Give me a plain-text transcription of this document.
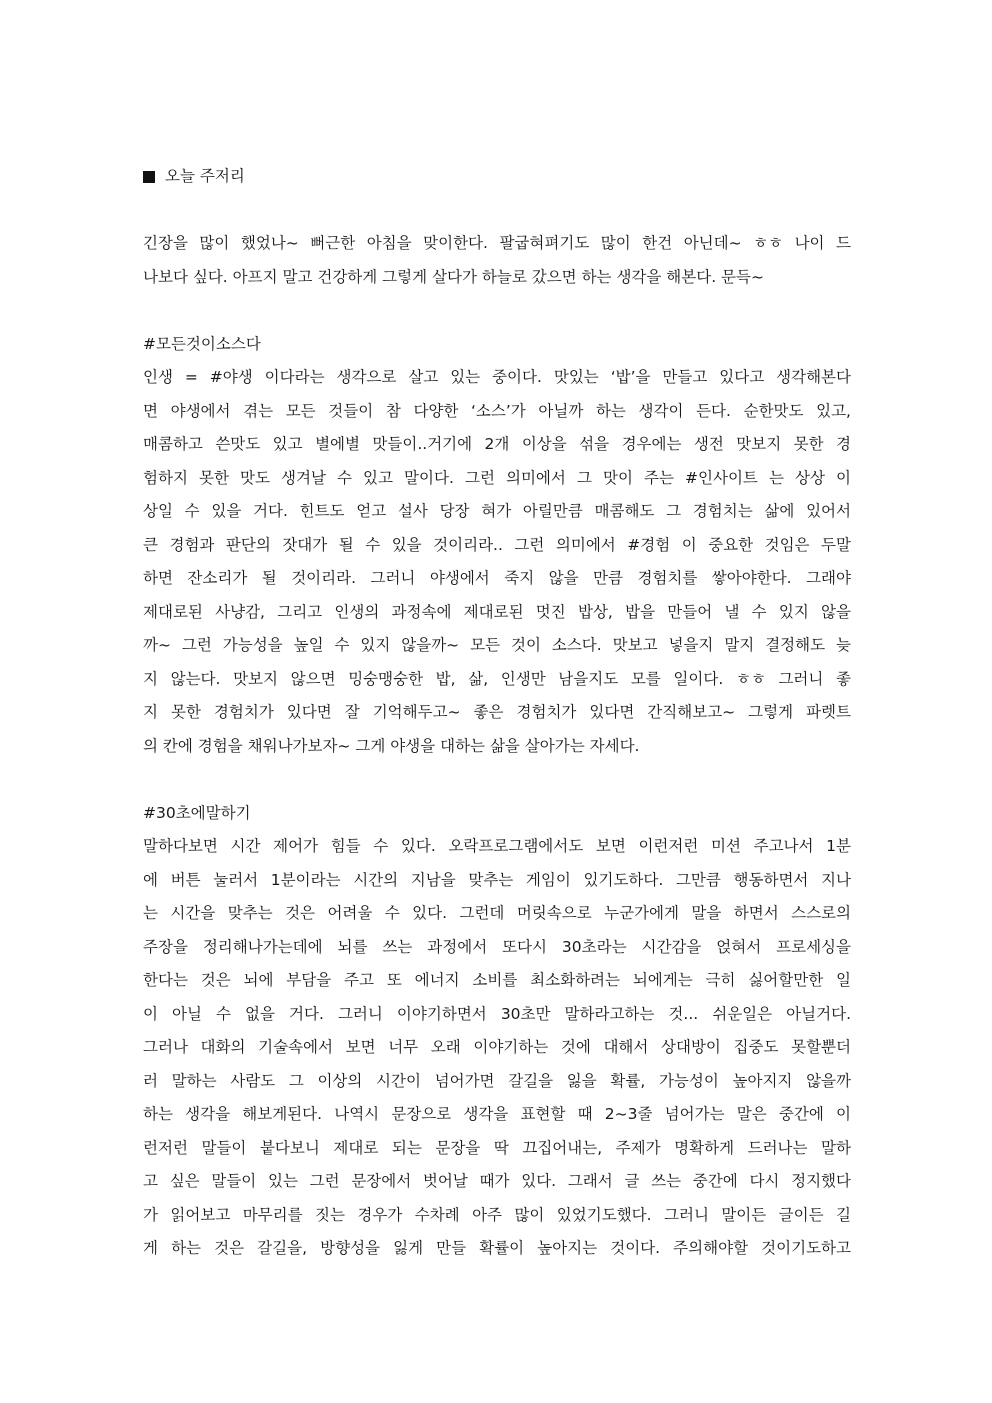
오늘 주저리
긴장을 많이 했었나~ 뻐근한 아침을 맞이한다. 팔굽혀펴기도 많이 한건 아닌데~ ㅎㅎ 나이 드
나보다 싶다. 아프지 말고 건강하게 그렇게 살다가 하늘로 갔으면 하는 생각을 해본다. 문득~
#모든것이소스다
인생 = #야생 이다라는 생각으로 살고 있는 중이다. 맛있는 ‘밥’을 만들고 있다고 생각해본다
면 야생에서 겪는 모든 것들이 참 다양한 ‘소스’가 아닐까 하는 생각이 든다. 순한맛도 있고,
매콤하고 쓴맛도 있고 별에별 맛들이..거기에 2개 이상을 섞을 경우에는 생전 맛보지 못한 경
험하지 못한 맛도 생겨날 수 있고 말이다. 그런 의미에서 그 맛이 주는 #인사이트 는 상상 이
상일 수 있을 거다. 힌트도 얻고 설사 당장 혀가 아릴만큼 매콤해도 그 경험치는 삶에 있어서
큰 경험과 판단의 잣대가 될 수 있을 것이리라.. 그런 의미에서 #경험 이 중요한 것임은 두말
하면 잔소리가 될 것이리라. 그러니 야생에서 죽지 않을 만큼 경험치를 쌓아야한다. 그래야
제대로된 사냥감, 그리고 인생의 과정속에 제대로된 멋진 밥상, 밥을 만들어 낼 수 있지 않을
까~ 그런 가능성을 높일 수 있지 않을까~ 모든 것이 소스다. 맛보고 넣을지 말지 결정해도 늦
지 않는다. 맛보지 않으면 밍숭맹숭한 밥, 삶, 인생만 남을지도 모를 일이다. ㅎㅎ 그러니 좋
지 못한 경험치가 있다면 잘 기억해두고~ 좋은 경험치가 있다면 간직해보고~ 그렇게 파렛트
의 칸에 경험을 채워나가보자~ 그게 야생을 대하는 삶을 살아가는 자세다.
#30초에말하기
말하다보면 시간 제어가 힘들 수 있다. 오락프로그램에서도 보면 이런저런 미션 주고나서 1분
에 버튼 눌러서 1분이라는 시간의 지남을 맞추는 게임이 있기도하다. 그만큼 행동하면서 지나
는 시간을 맞추는 것은 어려울 수 있다. 그런데 머릿속으로 누군가에게 말을 하면서 스스로의
주장을 정리해나가는데에 뇌를 쓰는 과정에서 또다시 30초라는 시간감을 얹혀서 프로세싱을
한다는 것은 뇌에 부담을 주고 또 에너지 소비를 최소화하려는 뇌에게는 극히 싫어할만한 일
이 아닐 수 없을 거다. 그러니 이야기하면서 30초만 말하라고하는 것... 쉬운일은 아닐거다.
그러나 대화의 기술속에서 보면 너무 오래 이야기하는 것에 대해서 상대방이 집중도 못할뿐더
러 말하는 사람도 그 이상의 시간이 넘어가면 갈길을 잃을 확률, 가능성이 높아지지 않을까
하는 생각을 해보게된다. 나역시 문장으로 생각을 표현할 때 2~3줄 넘어가는 말은 중간에 이
런저런 말들이 붙다보니 제대로 되는 문장을 딱 끄집어내는, 주제가 명확하게 드러나는 말하
고 싶은 말들이 있는 그런 문장에서 벗어날 때가 있다. 그래서 글 쓰는 중간에 다시 정지했다
가 읽어보고 마무리를 짓는 경우가 수차례 아주 많이 있었기도했다. 그러니 말이든 글이든 길
게 하는 것은 갈길을, 방향성을 잃게 만들 확률이 높아지는 것이다. 주의해야할 것이기도하고
